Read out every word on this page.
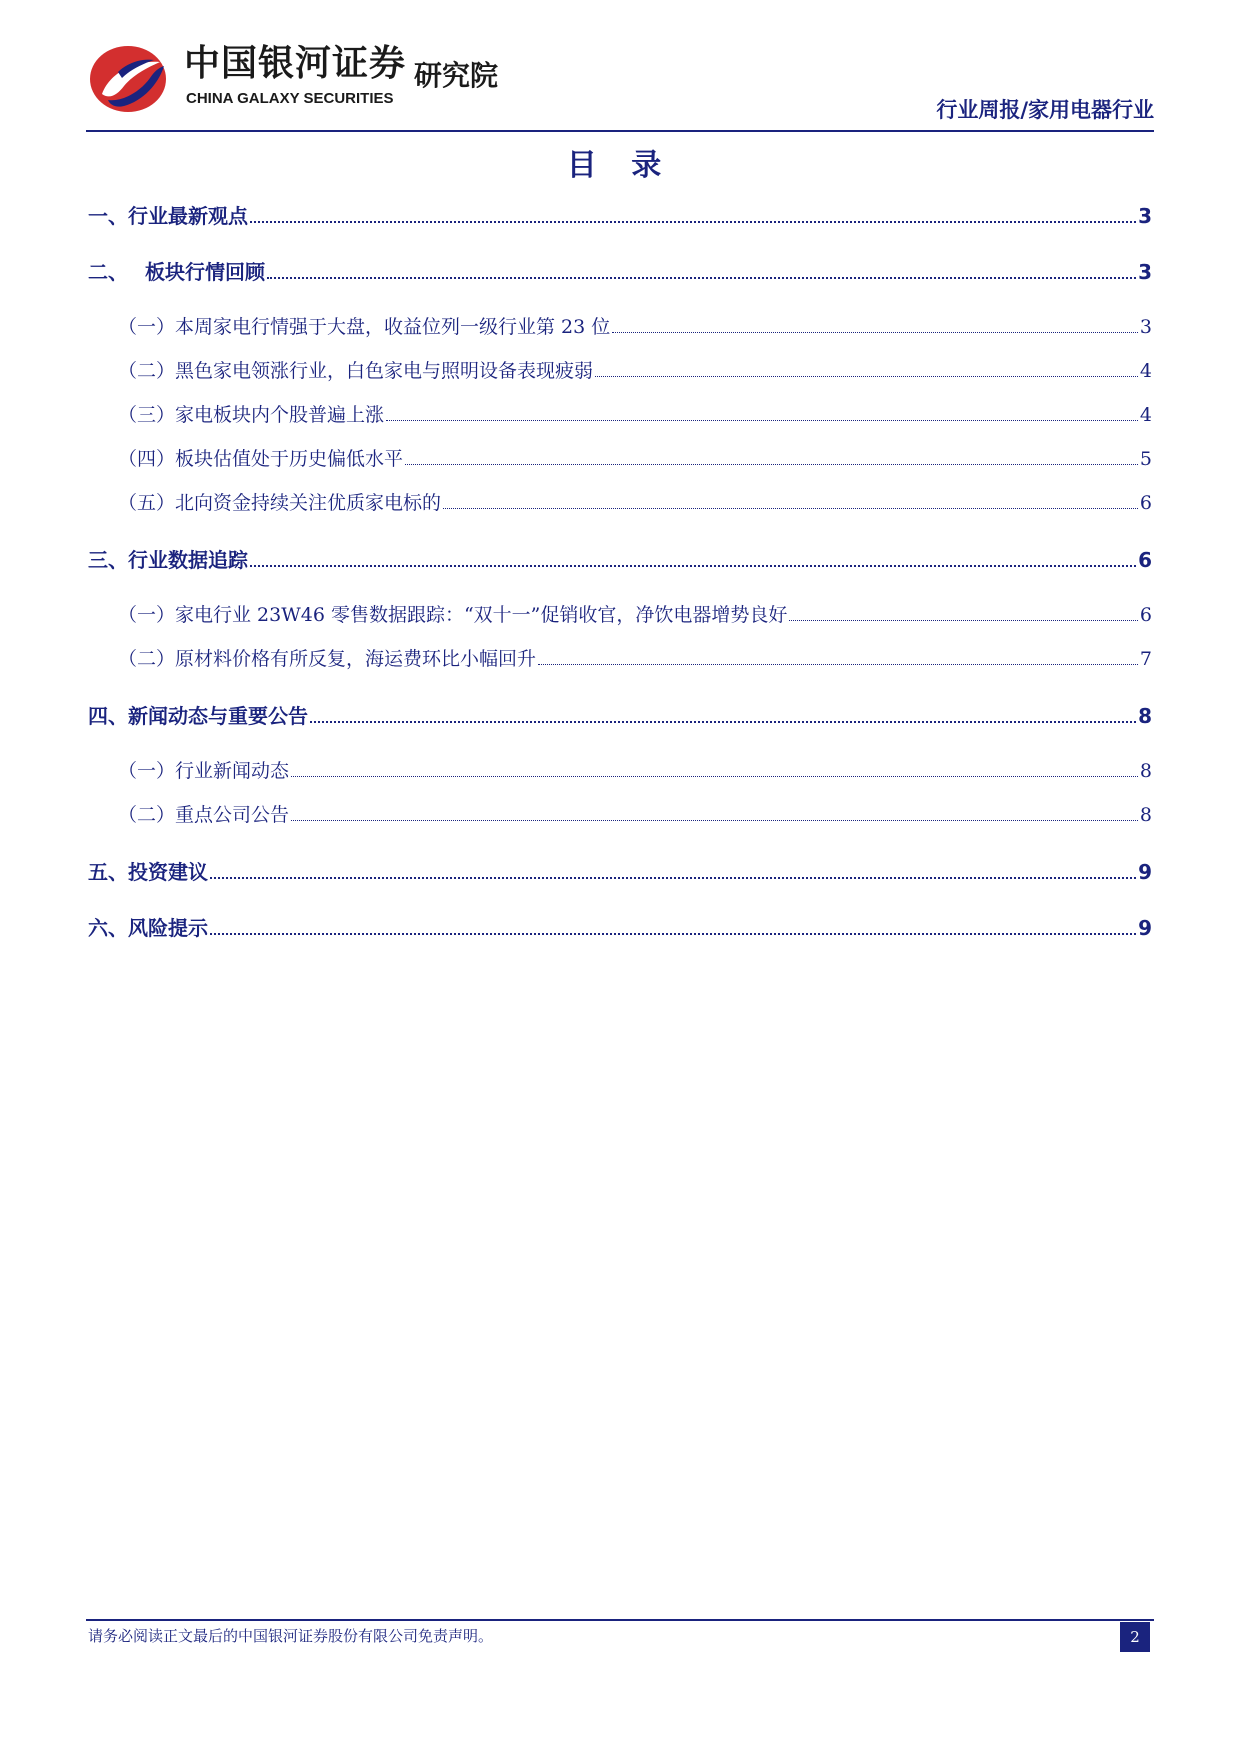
中国银河证券
CHINA GALAXY SECURITIES
研究院
行业周报/家用电器行业
目 录
一、行业最新观点	3
二、　 板块行情回顾	3
（一）本周家电行情强于大盘，收益位列一级行业第 23 位	3
（二）黑色家电领涨行业，白色家电与照明设备表现疲弱	4
（三）家电板块内个股普遍上涨	4
（四）板块估值处于历史偏低水平	5
（五）北向资金持续关注优质家电标的	6
三、行业数据追踪	6
（一）家电行业 23W46 零售数据跟踪：“双十一”促销收官，净饮电器增势良好	6
（二）原材料价格有所反复，海运费环比小幅回升	7
四、新闻动态与重要公告	8
（一）行业新闻动态	8
（二）重点公司公告	8
五、投资建议	9
六、风险提示	9
请务必阅读正文最后的中国银河证券股份有限公司免责声明。	2
